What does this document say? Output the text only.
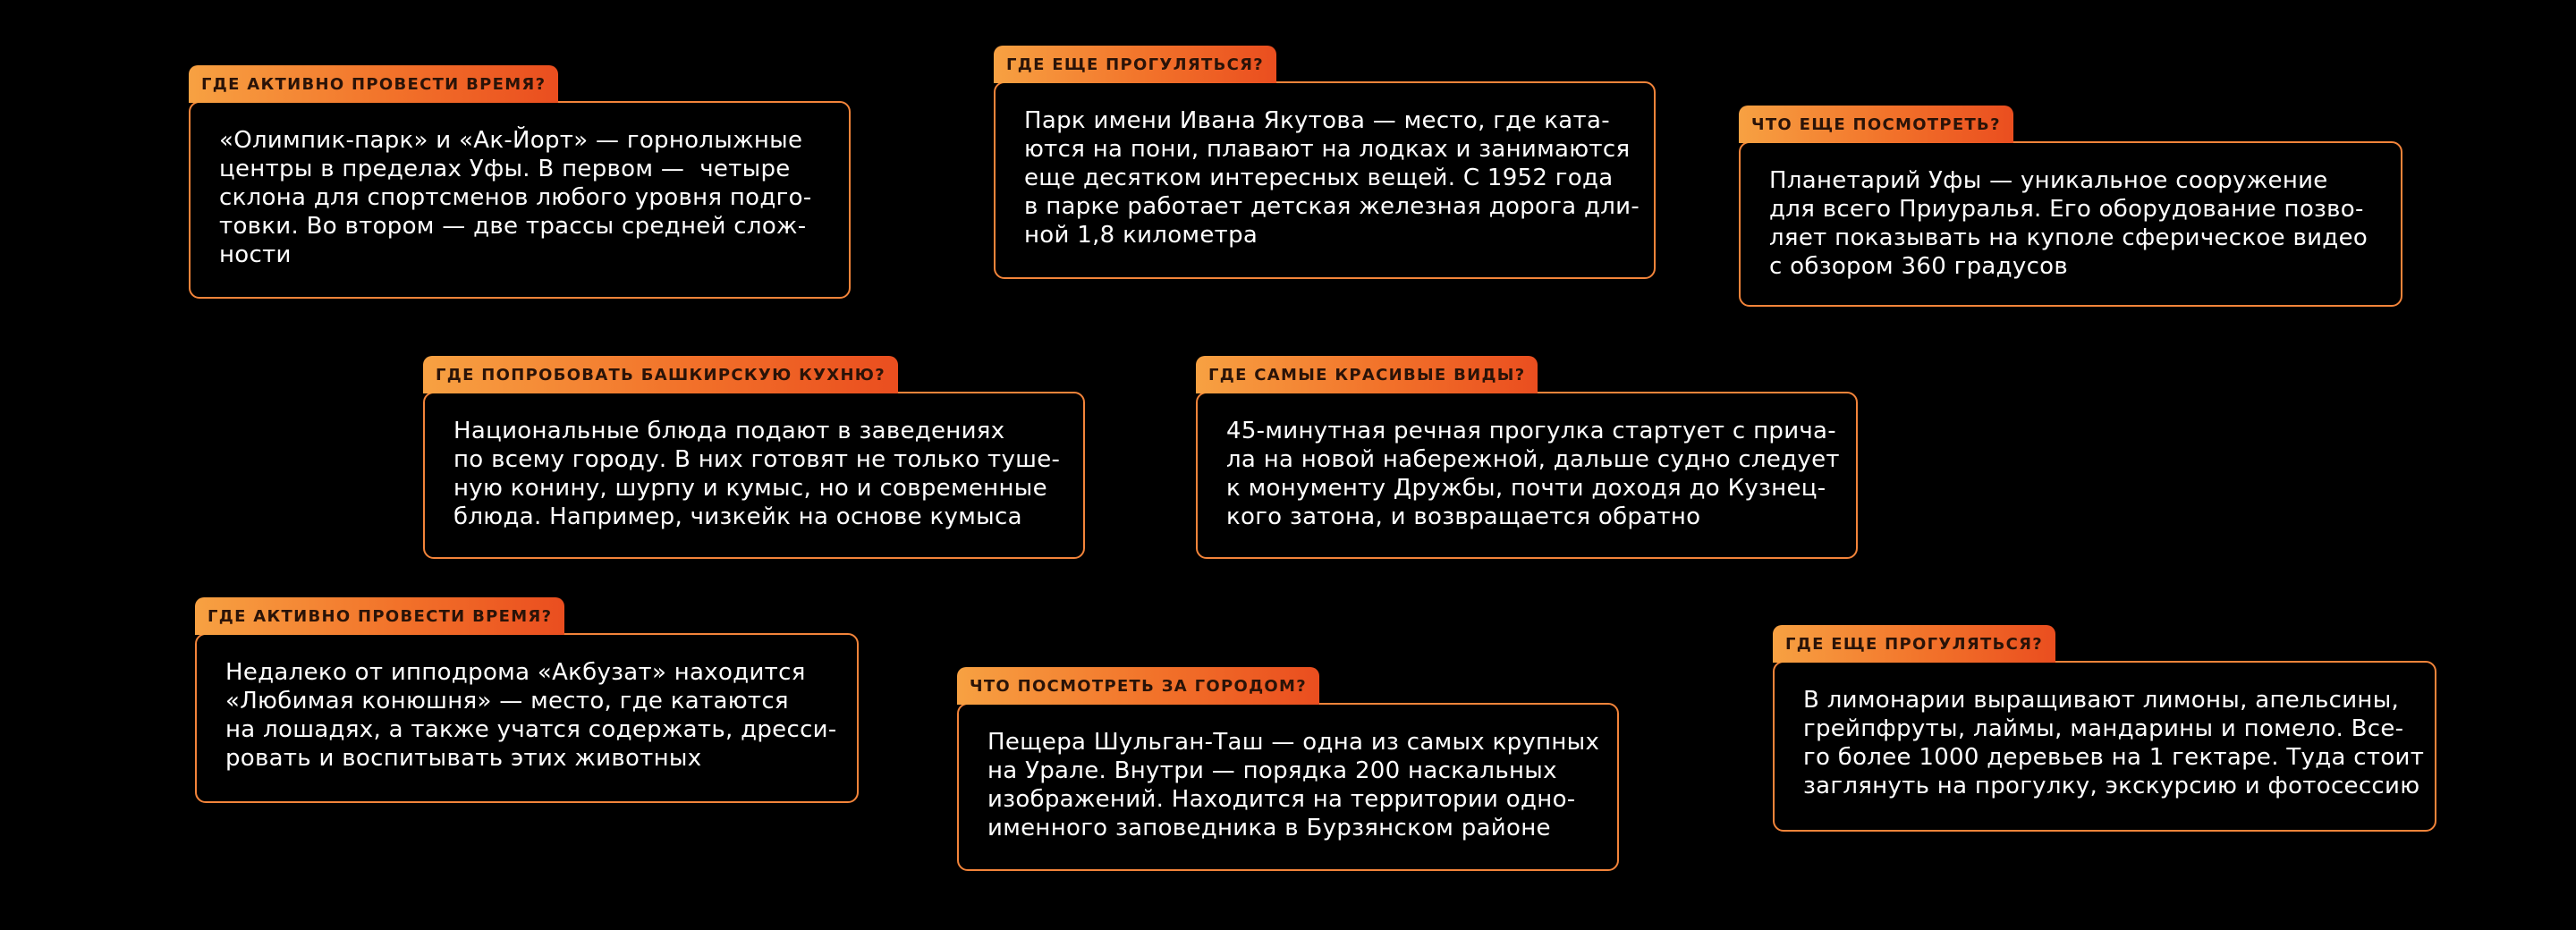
ГДЕ АКТИВНО ПРОВЕСТИ ВРЕМЯ?
«Олимпик-парк» и «Ак-Йорт» — горнолыжные
центры в пределах Уфы. В первом —  четыре
склона для спортсменов любого уровня подго-
товки. Во втором — две трассы средней слож-
ности
ГДЕ ЕЩЕ ПРОГУЛЯТЬСЯ?
Парк имени Ивана Якутова — место, где ката-
ются на пони, плавают на лодках и занимаются
еще десятком интересных вещей. С 1952 года
в парке работает детская железная дорога дли-
ной 1,8 километра
ЧТО ЕЩЕ ПОСМОТРЕТЬ?
Планетарий Уфы — уникальное сооружение
для всего Приуралья. Его оборудование позво-
ляет показывать на куполе сферическое видео
с обзором 360 градусов
ГДЕ ПОПРОБОВАТЬ БАШКИРСКУЮ КУХНЮ?
Национальные блюда подают в заведениях
по всему городу. В них готовят не только туше-
ную конину, шурпу и кумыс, но и современные
блюда. Например, чизкейк на основе кумыса
ГДЕ САМЫЕ КРАСИВЫЕ ВИДЫ?
45-минутная речная прогулка стартует с прича-
ла на новой набережной, дальше судно следует
к монументу Дружбы, почти доходя до Кузнец-
кого затона, и возвращается обратно
ГДЕ АКТИВНО ПРОВЕСТИ ВРЕМЯ?
Недалеко от ипподрома «Акбузат» находится
«Любимая конюшня» — место, где катаются
на лошадях, а также учатся содержать, дресси-
ровать и воспитывать этих животных
ЧТО ПОСМОТРЕТЬ ЗА ГОРОДОМ?
Пещера Шульган-Таш — одна из самых крупных
на Урале. Внутри — порядка 200 наскальных
изображений. Находится на территории одно-
именного заповедника в Бурзянском районе
ГДЕ ЕЩЕ ПРОГУЛЯТЬСЯ?
В лимонарии выращивают лимоны, апельсины,
грейпфруты, лаймы, мандарины и помело. Все-
го более 1000 деревьев на 1 гектаре. Туда стоит
заглянуть на прогулку, экскурсию и фотосессию
